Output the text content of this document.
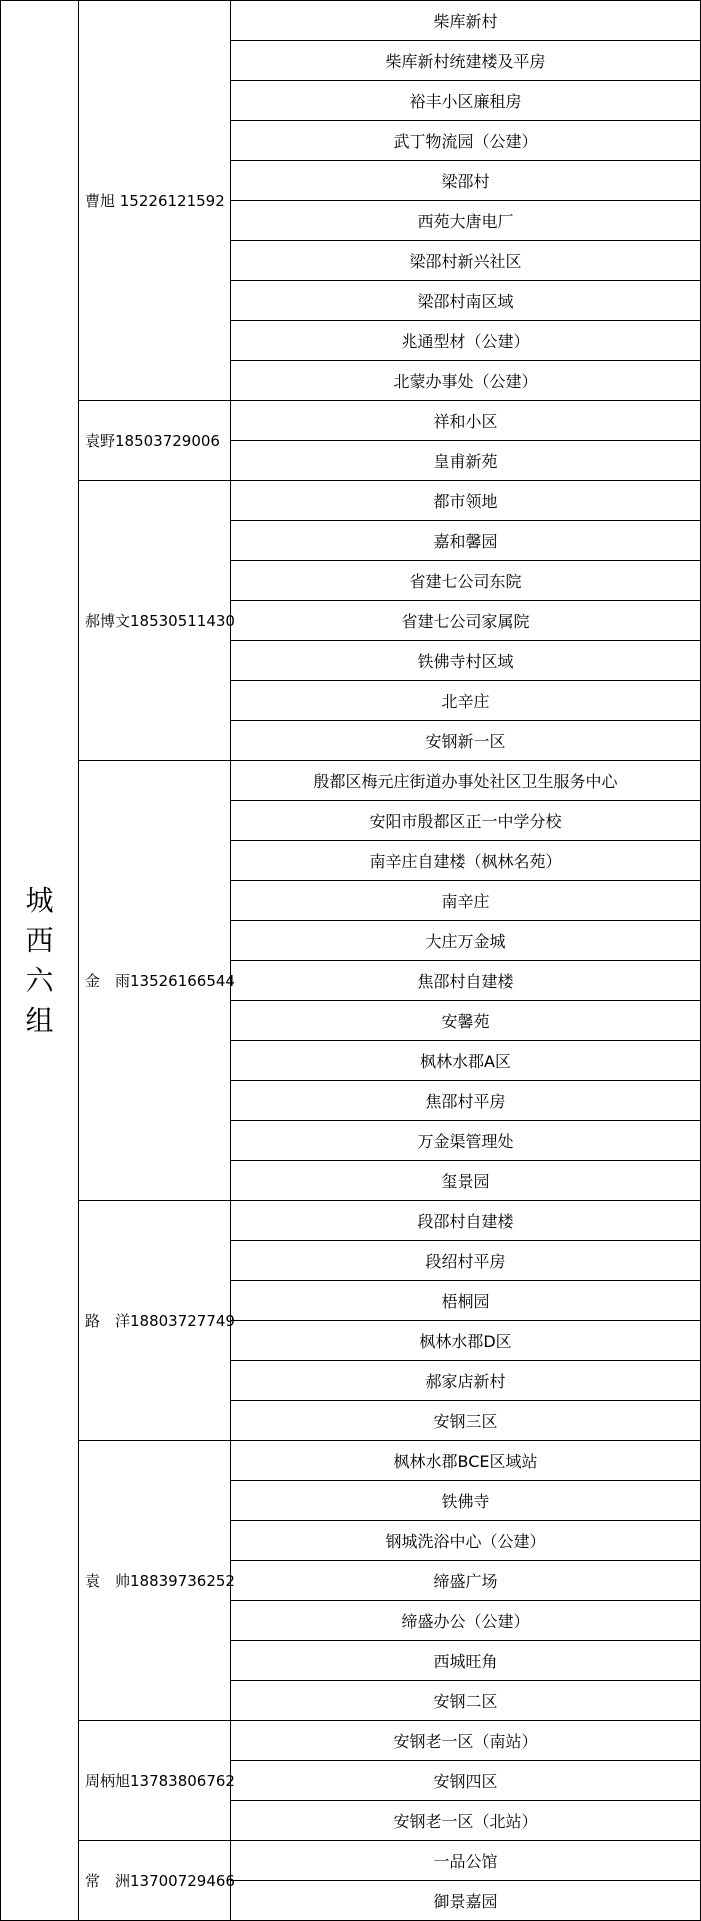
城西六组	曹旭 15226121592	柴库新村
		柴库新村统建楼及平房
		裕丰小区廉租房
		武丁物流园（公建）
		梁邵村
		西苑大唐电厂
		梁邵村新兴社区
		梁邵村南区域
		兆通型材（公建）
		北蒙办事处（公建）
	袁野18503729006	祥和小区
		皇甫新苑
	郝博文18530511430	都市领地
		嘉和馨园
		省建七公司东院
		省建七公司家属院
		铁佛寺村区域
		北辛庄
		安钢新一区
	金　雨13526166544	殷都区梅元庄街道办事处社区卫生服务中心
		安阳市殷都区正一中学分校
		南辛庄自建楼（枫林名苑）
		南辛庄
		大庄万金城
		焦邵村自建楼
		安馨苑
		枫林水郡A区
		焦邵村平房
		万金渠管理处
		玺景园
	路　洋18803727749	段邵村自建楼
		段绍村平房
		梧桐园
		枫林水郡D区
		郝家店新村
		安钢三区
	袁　帅18839736252	枫林水郡BCE区域站
		铁佛寺
		钢城洗浴中心（公建）
		缔盛广场
		缔盛办公（公建）
		西城旺角
		安钢二区
	周柄旭13783806762	安钢老一区（南站）
		安钢四区
		安钢老一区（北站）
	常　洲13700729466	一品公馆
		御景嘉园
